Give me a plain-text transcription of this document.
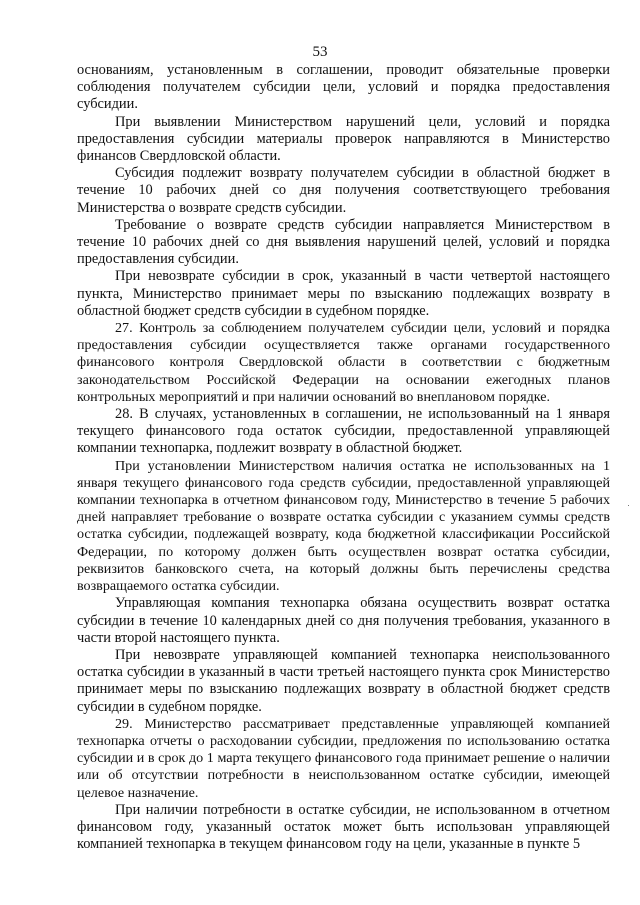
53

основаниям, установленным в соглашении, проводит обязательные проверки соблюдения получателем субсидии цели, условий и порядка предоставления субсидии.

При выявлении Министерством нарушений цели, условий и порядка предоставления субсидии материалы проверок направляются в Министерство финансов Свердловской области.

Субсидия подлежит возврату получателем субсидии в областной бюджет в течение 10 рабочих дней со дня получения соответствующего требования Министерства о возврате средств субсидии.

Требование о возврате средств субсидии направляется Министерством в течение 10 рабочих дней со дня выявления нарушений целей, условий и порядка предоставления субсидии.

При невозврате субсидии в срок, указанный в части четвертой настоящего пункта, Министерство принимает меры по взысканию подлежащих возврату в областной бюджет средств субсидии в судебном порядке.

27. Контроль за соблюдением получателем субсидии цели, условий и порядка предоставления субсидии осуществляется также органами государственного финансового контроля Свердловской области в соответствии с бюджетным законодательством Российской Федерации на основании ежегодных планов контрольных мероприятий и при наличии оснований во внеплановом порядке.

28. В случаях, установленных в соглашении, не использованный на 1 января текущего финансового года остаток субсидии, предоставленной управляющей компании технопарка, подлежит возврату в областной бюджет.

При установлении Министерством наличия остатка не использованных на 1 января текущего финансового года средств субсидии, предоставленной управляющей компании технопарка в отчетном финансовом году, Министерство в течение 5 рабочих дней направляет требование о возврате остатка субсидии с указанием суммы средств остатка субсидии, подлежащей возврату, кода бюджетной классификации Российской Федерации, по которому должен быть осуществлен возврат остатка субсидии, реквизитов банковского счета, на который должны быть перечислены средства возвращаемого остатка субсидии.

Управляющая компания технопарка обязана осуществить возврат остатка субсидии в течение 10 календарных дней со дня получения требования, указанного в части второй настоящего пункта.

При невозврате управляющей компанией технопарка неиспользованного остатка субсидии в указанный в части третьей настоящего пункта срок Министерство принимает меры по взысканию подлежащих возврату в областной бюджет средств субсидии в судебном порядке.

29. Министерство рассматривает представленные управляющей компанией технопарка отчеты о расходовании субсидии, предложения по использованию остатка субсидии и в срок до 1 марта текущего финансового года принимает решение о наличии или об отсутствии потребности в неиспользованном остатке субсидии, имеющей целевое назначение.

При наличии потребности в остатке субсидии, не использованном в отчетном финансовом году, указанный остаток может быть использован управляющей компанией технопарка в текущем финансовом году на цели, указанные в пункте 5
